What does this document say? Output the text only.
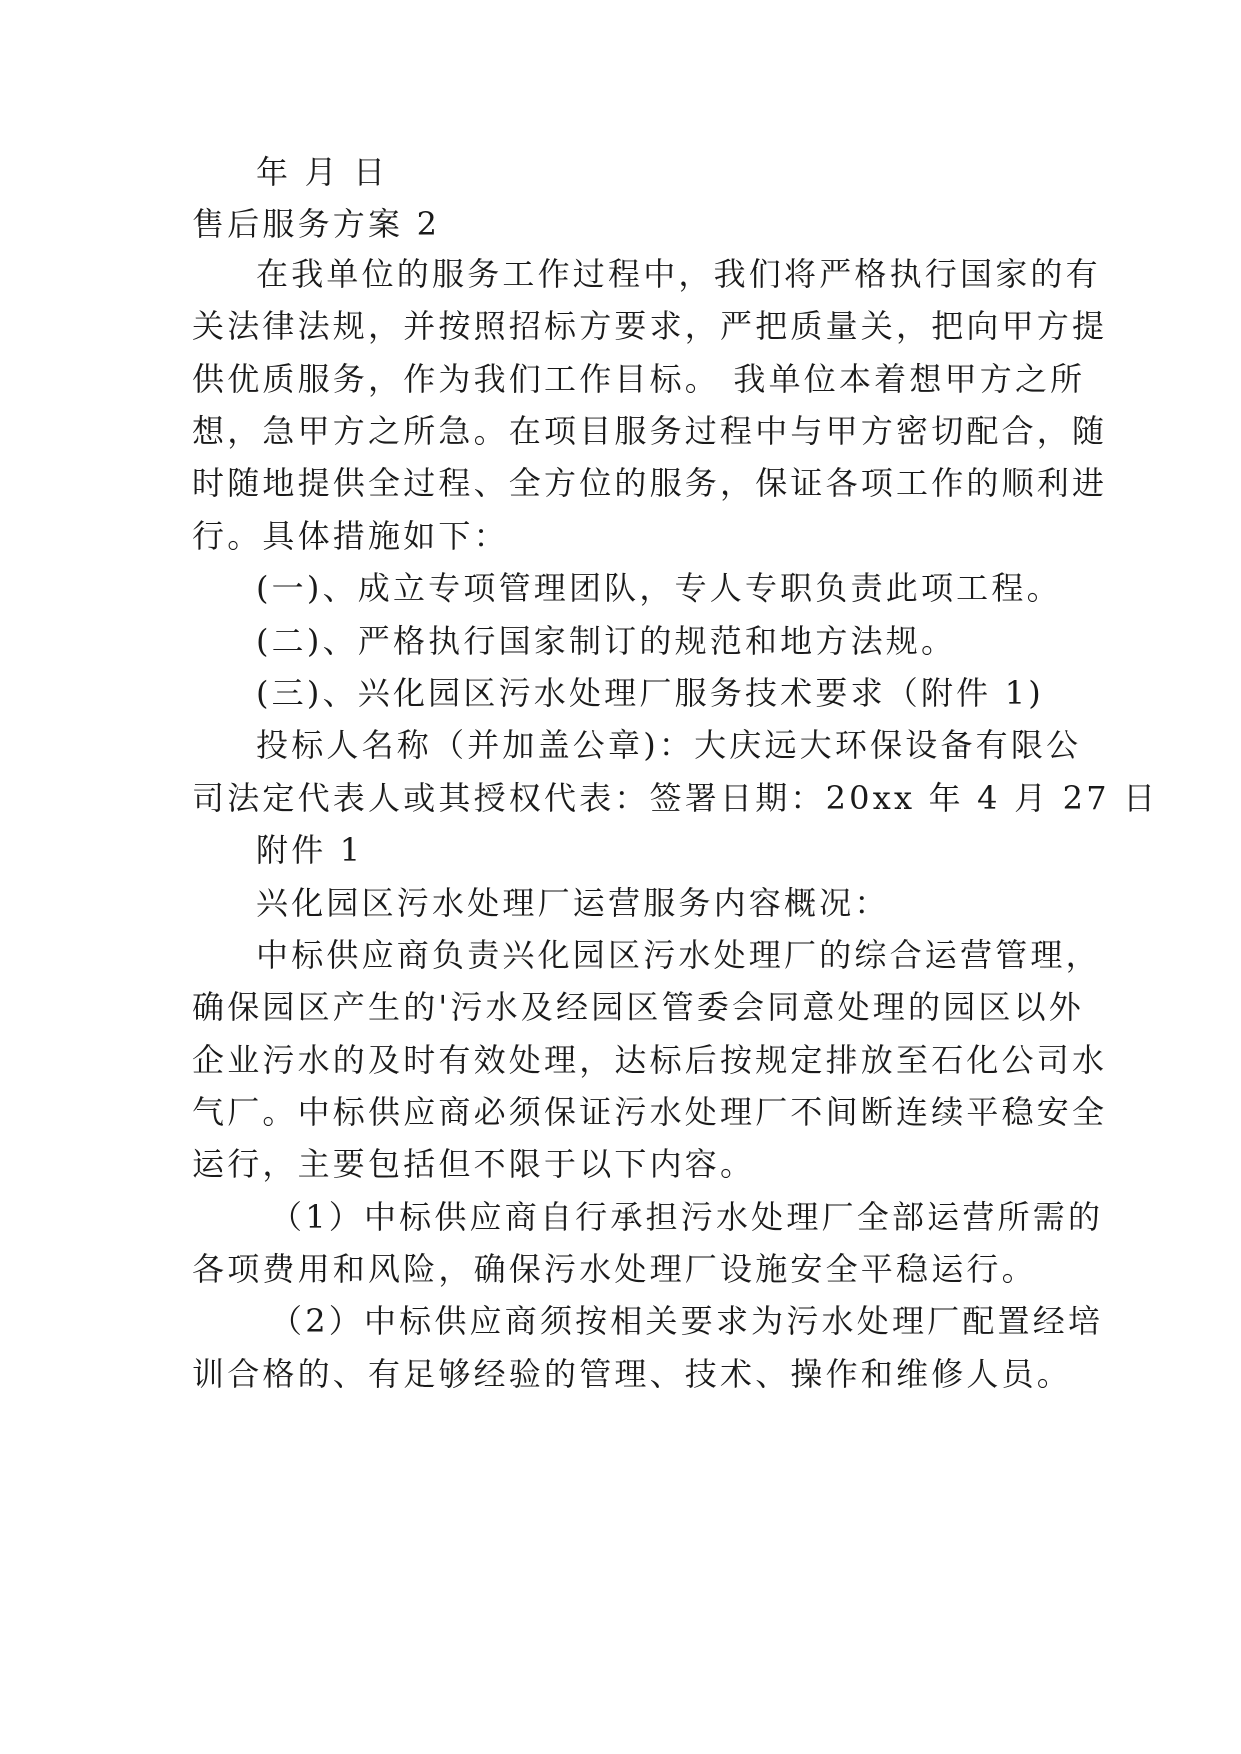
年 月 日
售后服务方案 2
在我单位的服务工作过程中，我们将严格执行国家的有
关法律法规，并按照招标方要求，严把质量关，把向甲方提
供优质服务，作为我们工作目标。 我单位本着想甲方之所
想，急甲方之所急。在项目服务过程中与甲方密切配合，随
时随地提供全过程、全方位的服务，保证各项工作的顺利进
行。具体措施如下：
(一)、成立专项管理团队，专人专职负责此项工程。
(二)、严格执行国家制订的规范和地方法规。
(三)、兴化园区污水处理厂服务技术要求（附件 1)
投标人名称（并加盖公章)：大庆远大环保设备有限公
司法定代表人或其授权代表：签署日期：20xx 年 4 月 27 日
附件 1
兴化园区污水处理厂运营服务内容概况：
中标供应商负责兴化园区污水处理厂的综合运营管理，
确保园区产生的'污水及经园区管委会同意处理的园区以外
企业污水的及时有效处理，达标后按规定排放至石化公司水
气厂。中标供应商必须保证污水处理厂不间断连续平稳安全
运行，主要包括但不限于以下内容。
（1）中标供应商自行承担污水处理厂全部运营所需的
各项费用和风险，确保污水处理厂设施安全平稳运行。
（2）中标供应商须按相关要求为污水处理厂配置经培
训合格的、有足够经验的管理、技术、操作和维修人员。
